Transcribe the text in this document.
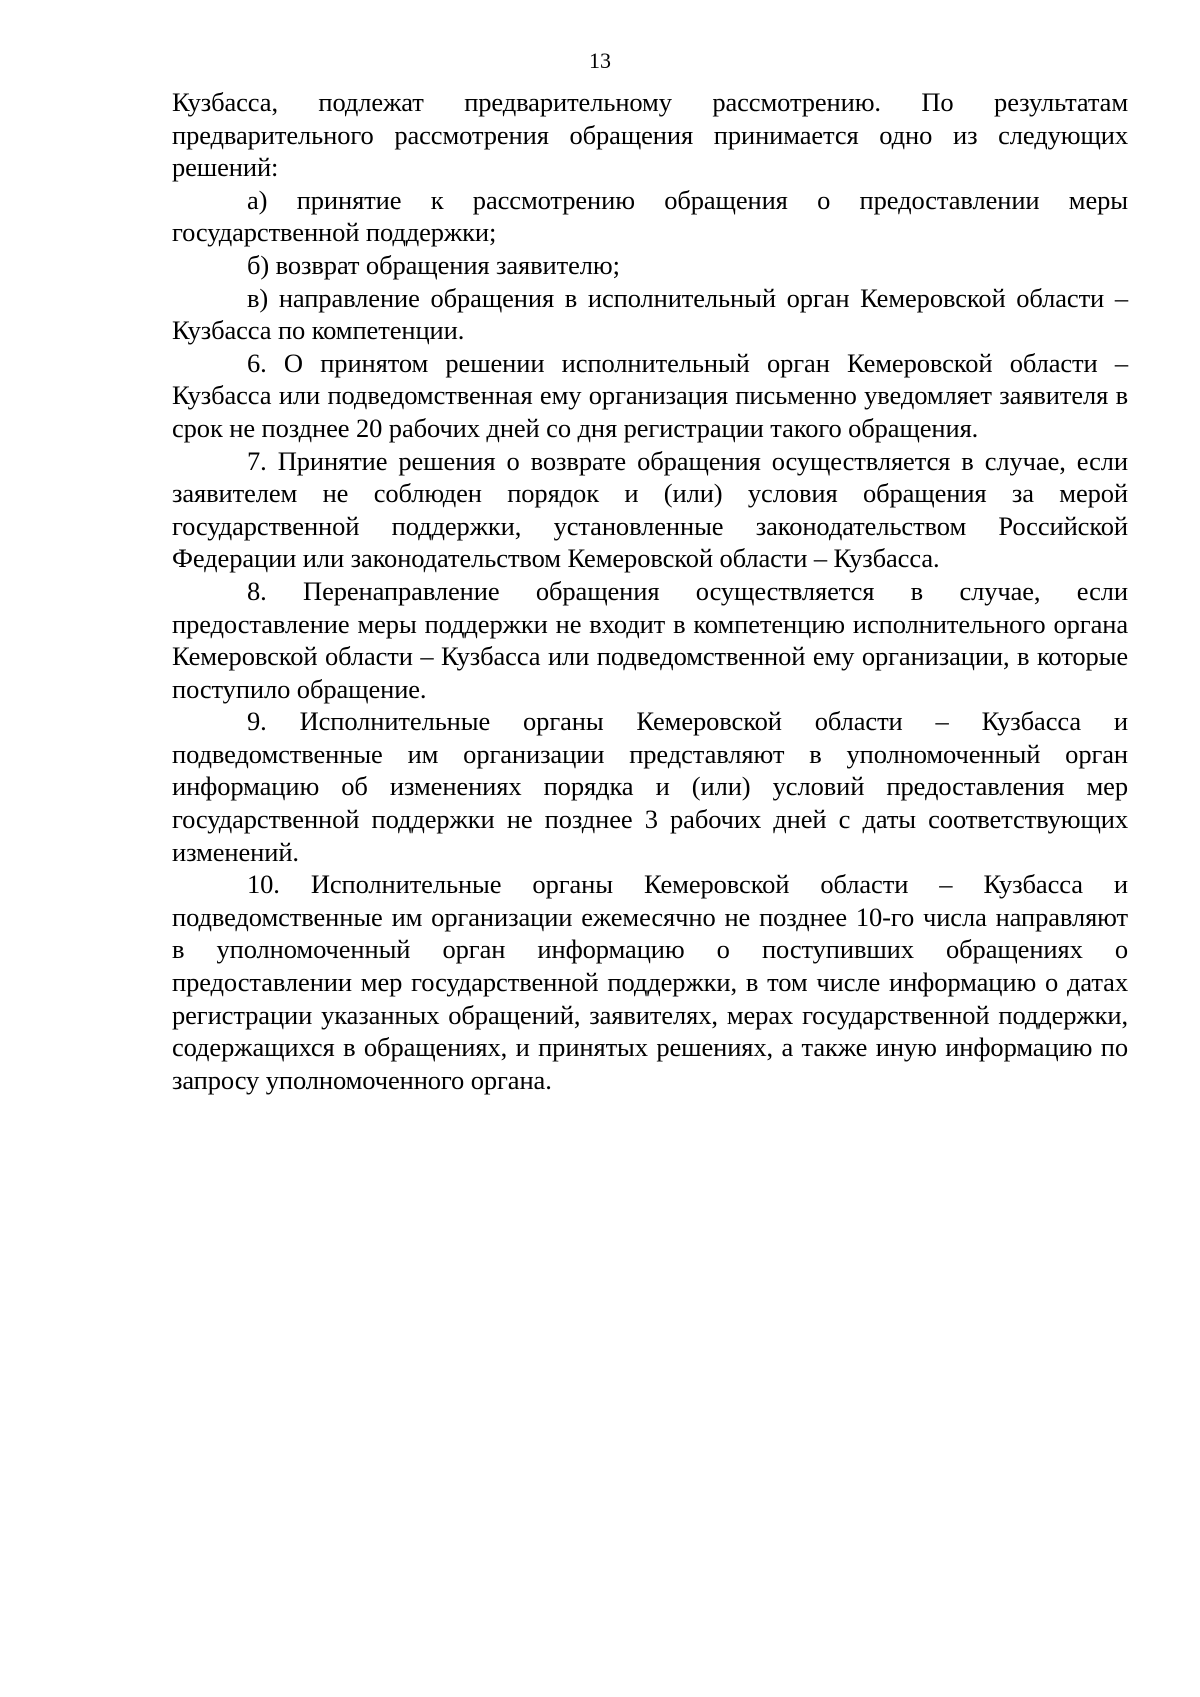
13

Кузбасса, подлежат предварительному рассмотрению. По результатам предварительного рассмотрения обращения принимается одно из следующих решений:

а) принятие к рассмотрению обращения о предоставлении меры государственной поддержки;

б) возврат обращения заявителю;

в) направление обращения в исполнительный орган Кемеровской области – Кузбасса по компетенции.

6. О принятом решении исполнительный орган Кемеровской области – Кузбасса или подведомственная ему организация письменно уведомляет заявителя в срок не позднее 20 рабочих дней со дня регистрации такого обращения.

7. Принятие решения о возврате обращения осуществляется в случае, если заявителем не соблюден порядок и (или) условия обращения за мерой государственной поддержки, установленные законодательством Российской Федерации или законодательством Кемеровской области – Кузбасса.

8. Перенаправление обращения осуществляется в случае, если предоставление меры поддержки не входит в компетенцию исполнительного органа Кемеровской области – Кузбасса или подведомственной ему организации, в которые поступило обращение.

9. Исполнительные органы Кемеровской области – Кузбасса и подведомственные им организации представляют в уполномоченный орган информацию об изменениях порядка и (или) условий предоставления мер государственной поддержки не позднее 3 рабочих дней с даты соответствующих изменений.

10. Исполнительные органы Кемеровской области – Кузбасса и подведомственные им организации ежемесячно не позднее 10-го числа направляют в уполномоченный орган информацию о поступивших обращениях о предоставлении мер государственной поддержки, в том числе информацию о датах регистрации указанных обращений, заявителях, мерах государственной поддержки, содержащихся в обращениях, и принятых решениях, а также иную информацию по запросу уполномоченного органа.
